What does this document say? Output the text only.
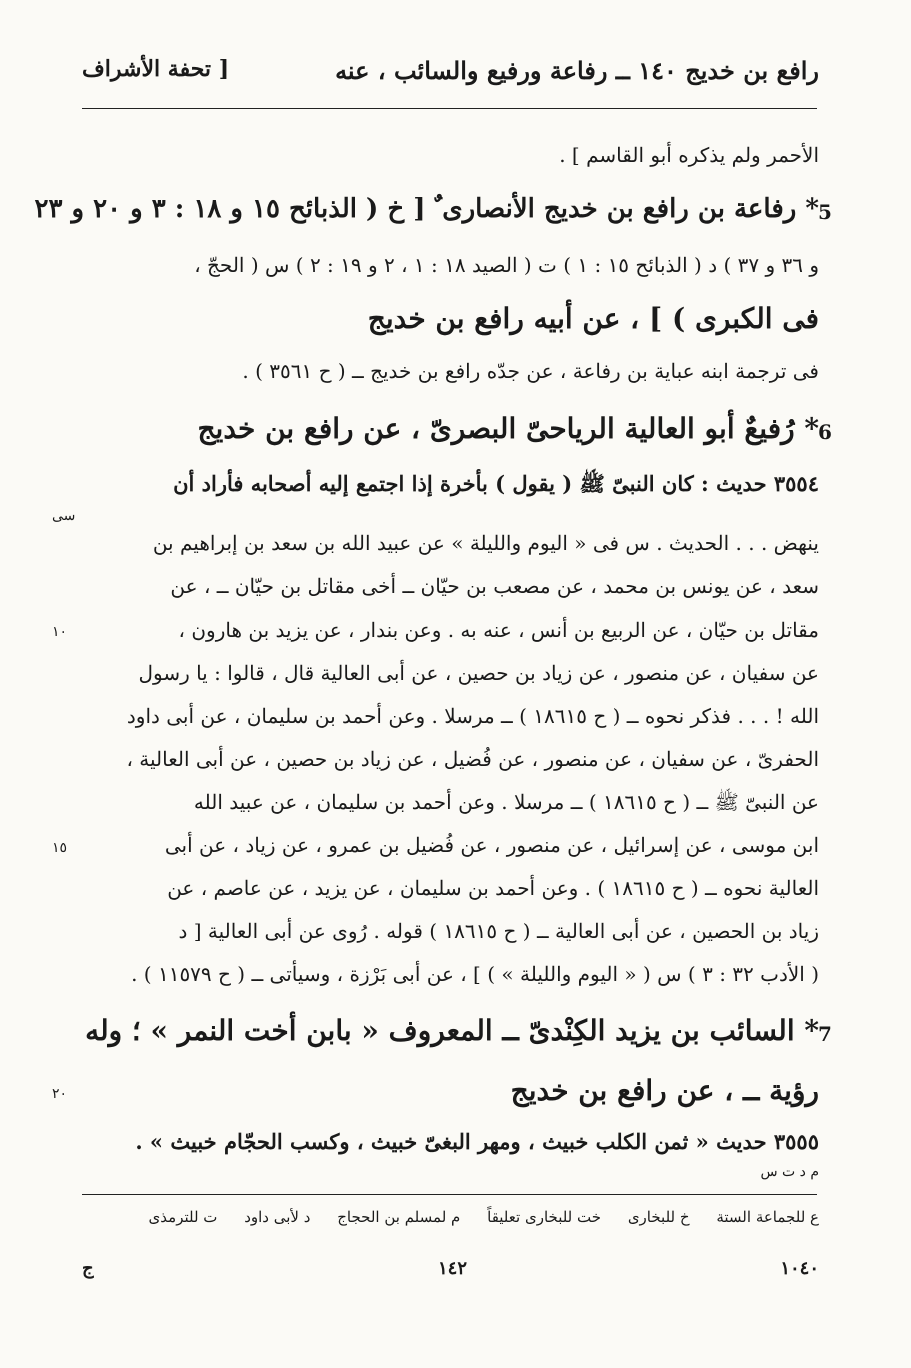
رافع بن خديج ١٤٠ ــ رفاعة ورفيع والسائب ، عنه
[ تحفة الأشراف
الأحمر ولم يذكره أبو القاسم ] .
5
* رفاعة بن رافع بن خديج الأنصارى ٌ [ خ ( الذبائح ١٥ و ١٨ : ٣ و ٢٠ و ٢٣
و ٣٦ و ٣٧ ) د ( الذبائح ١٥ : ١ ) ت ( الصيد ١٨ : ١ ، ٢ و ١٩ : ٢ ) س ( الحجّ ،
فى الكبرى ) ] ، عن أبيه رافع بن خديج
فى ترجمة ابنه عباية بن رفاعة ، عن جدّه رافع بن خديج ــ ( ح ٣٥٦١ ) .
6
* رُفيعٌ أبو العالية الرياحىّ البصرىّ ، عن رافع بن خديج
٣٥٥٤ حديث : كان النبىّ ﷺ ( يقول ) بأخرة إذا اجتمع إليه أصحابه فأراد أن
سى
ينهض . . . الحديث . س فى « اليوم والليلة » عن عبيد الله بن سعد بن إبراهيم بن
سعد ، عن يونس بن محمد ، عن مصعب بن حيّان ــ أخى مقاتل بن حيّان ــ ، عن
مقاتل بن حيّان ، عن الربيع بن أنس ، عنه به . وعن بندار ، عن يزيد بن هارون ،
١٠
عن سفيان ، عن منصور ، عن زياد بن حصين ، عن أبى العالية قال ، قالوا : يا رسول
الله ! . . . فذكر نحوه ــ ( ح ١٨٦١٥ ) ــ مرسلا . وعن أحمد بن سليمان ، عن أبى داود
الحفرىّ ، عن سفيان ، عن منصور ، عن فُضيل ، عن زياد بن حصين ، عن أبى العالية ،
عن النبىّ ﷺ ــ ( ح ١٨٦١٥ ) ــ مرسلا . وعن أحمد بن سليمان ، عن عبيد الله
ابن موسى ، عن إسرائيل ، عن منصور ، عن فُضيل بن عمرو ، عن زياد ، عن أبى
١٥
العالية نحوه ــ ( ح ١٨٦١٥ ) . وعن أحمد بن سليمان ، عن يزيد ، عن عاصم ، عن
زياد بن الحصين ، عن أبى العالية ــ ( ح ١٨٦١٥ ) قوله . رُوى عن أبى العالية [ د
( الأدب ٣٢ : ٣ ) س ( « اليوم والليلة » ) ] ، عن أبى بَرْزة ، وسيأتى ــ ( ح ١١٥٧٩ ) .
7
* السائب بن يزيد الكِنْدىّ ــ المعروف « بابن أخت النمر » ؛ وله
رؤية ــ ، عن رافع بن خديج
٢٠
٣٥٥٥ حديث « ثمن الكلب خبيث ، ومهر البغىّ خبيث ، وكسب الحجّام خبيث » .
م د ت س
ع للجماعة الستة خ للبخارى خت للبخارى تعليقاً م لمسلم بن الحجاج د لأبى داود ت للترمذى
ج	١٤٢	١٠٤٠
